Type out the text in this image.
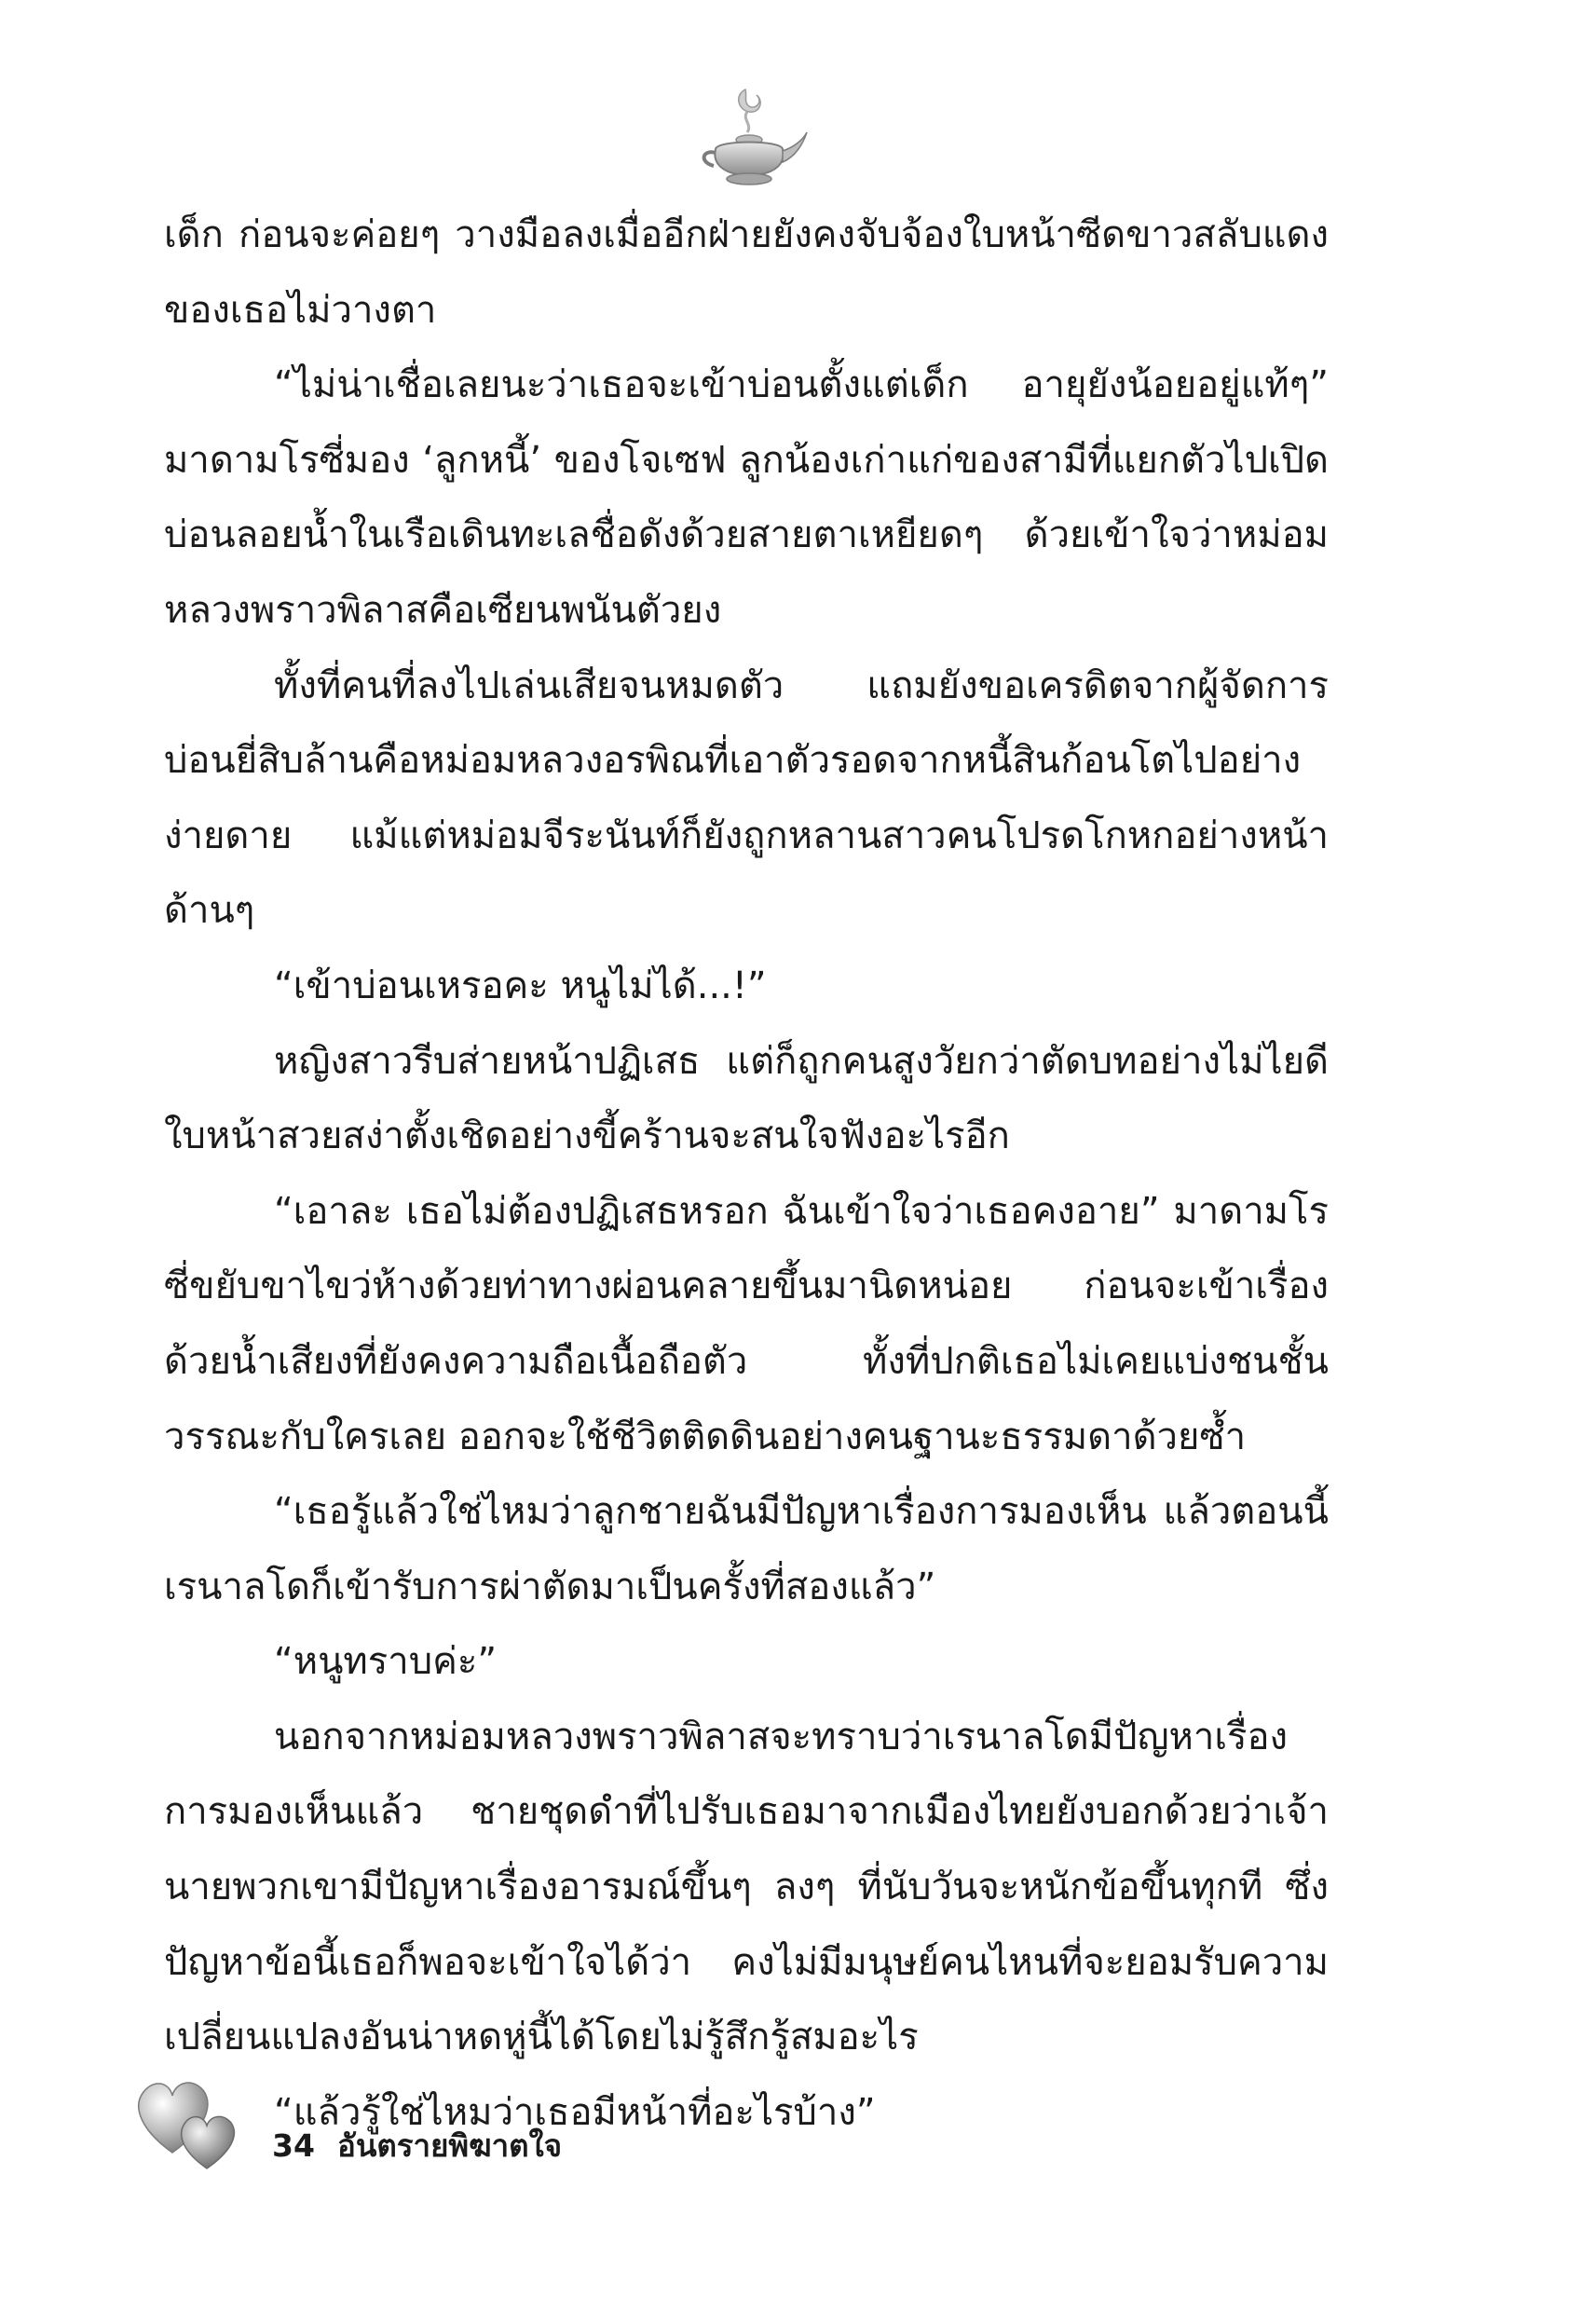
เด็ก ก่อนจะค่อยๆ วางมือลงเมื่ออีกฝ่ายยังคงจับจ้องใบหน้าซีดขาวสลับแดงของเธอไม่วางตา

“ไม่น่าเชื่อเลยนะว่าเธอจะเข้าบ่อนตั้งแต่เด็ก อายุยังน้อยอยู่แท้ๆ” มาดามโรซี่มอง ‘ลูกหนี้’ ของโจเซฟ ลูกน้องเก่าแก่ของสามีที่แยกตัวไปเปิดบ่อนลอยน้ำในเรือเดินทะเลชื่อดังด้วยสายตาเหยียดๆ ด้วยเข้าใจว่าหม่อมหลวงพราวพิลาสคือเซียนพนันตัวยง

ทั้งที่คนที่ลงไปเล่นเสียจนหมดตัว แถมยังขอเครดิตจากผู้จัดการบ่อนยี่สิบล้านคือหม่อมหลวงอรพิณที่เอาตัวรอดจากหนี้สินก้อนโตไปอย่างง่ายดาย แม้แต่หม่อมจีระนันท์ก็ยังถูกหลานสาวคนโปรดโกหกอย่างหน้าด้านๆ

“เข้าบ่อนเหรอคะ หนูไม่ได้...!”

หญิงสาวรีบส่ายหน้าปฏิเสธ แต่ก็ถูกคนสูงวัยกว่าตัดบทอย่างไม่ไยดี ใบหน้าสวยสง่าตั้งเชิดอย่างขี้คร้านจะสนใจฟังอะไรอีก

“เอาละ เธอไม่ต้องปฏิเสธหรอก ฉันเข้าใจว่าเธอคงอาย” มาดามโรซี่ขยับขาไขว่ห้างด้วยท่าทางผ่อนคลายขึ้นมานิดหน่อย ก่อนจะเข้าเรื่องด้วยน้ำเสียงที่ยังคงความถือเนื้อถือตัว ทั้งที่ปกติเธอไม่เคยแบ่งชนชั้นวรรณะกับใครเลย ออกจะใช้ชีวิตติดดินอย่างคนฐานะธรรมดาด้วยซ้ำ

“เธอรู้แล้วใช่ไหมว่าลูกชายฉันมีปัญหาเรื่องการมองเห็น แล้วตอนนี้เรนาลโดก็เข้ารับการผ่าตัดมาเป็นครั้งที่สองแล้ว”

“หนูทราบค่ะ”

นอกจากหม่อมหลวงพราวพิลาสจะทราบว่าเรนาลโดมีปัญหาเรื่องการมองเห็นแล้ว ชายชุดดำที่ไปรับเธอมาจากเมืองไทยยังบอกด้วยว่าเจ้านายพวกเขามีปัญหาเรื่องอารมณ์ขึ้นๆ ลงๆ ที่นับวันจะหนักข้อขึ้นทุกที ซึ่งปัญหาข้อนี้เธอก็พอจะเข้าใจได้ว่า คงไม่มีมนุษย์คนไหนที่จะยอมรับความเปลี่ยนแปลงอันน่าหดหู่นี้ได้โดยไม่รู้สึกรู้สมอะไร

“แล้วรู้ใช่ไหมว่าเธอมีหน้าที่อะไรบ้าง”

34 อันตรายพิฆาตใจ
